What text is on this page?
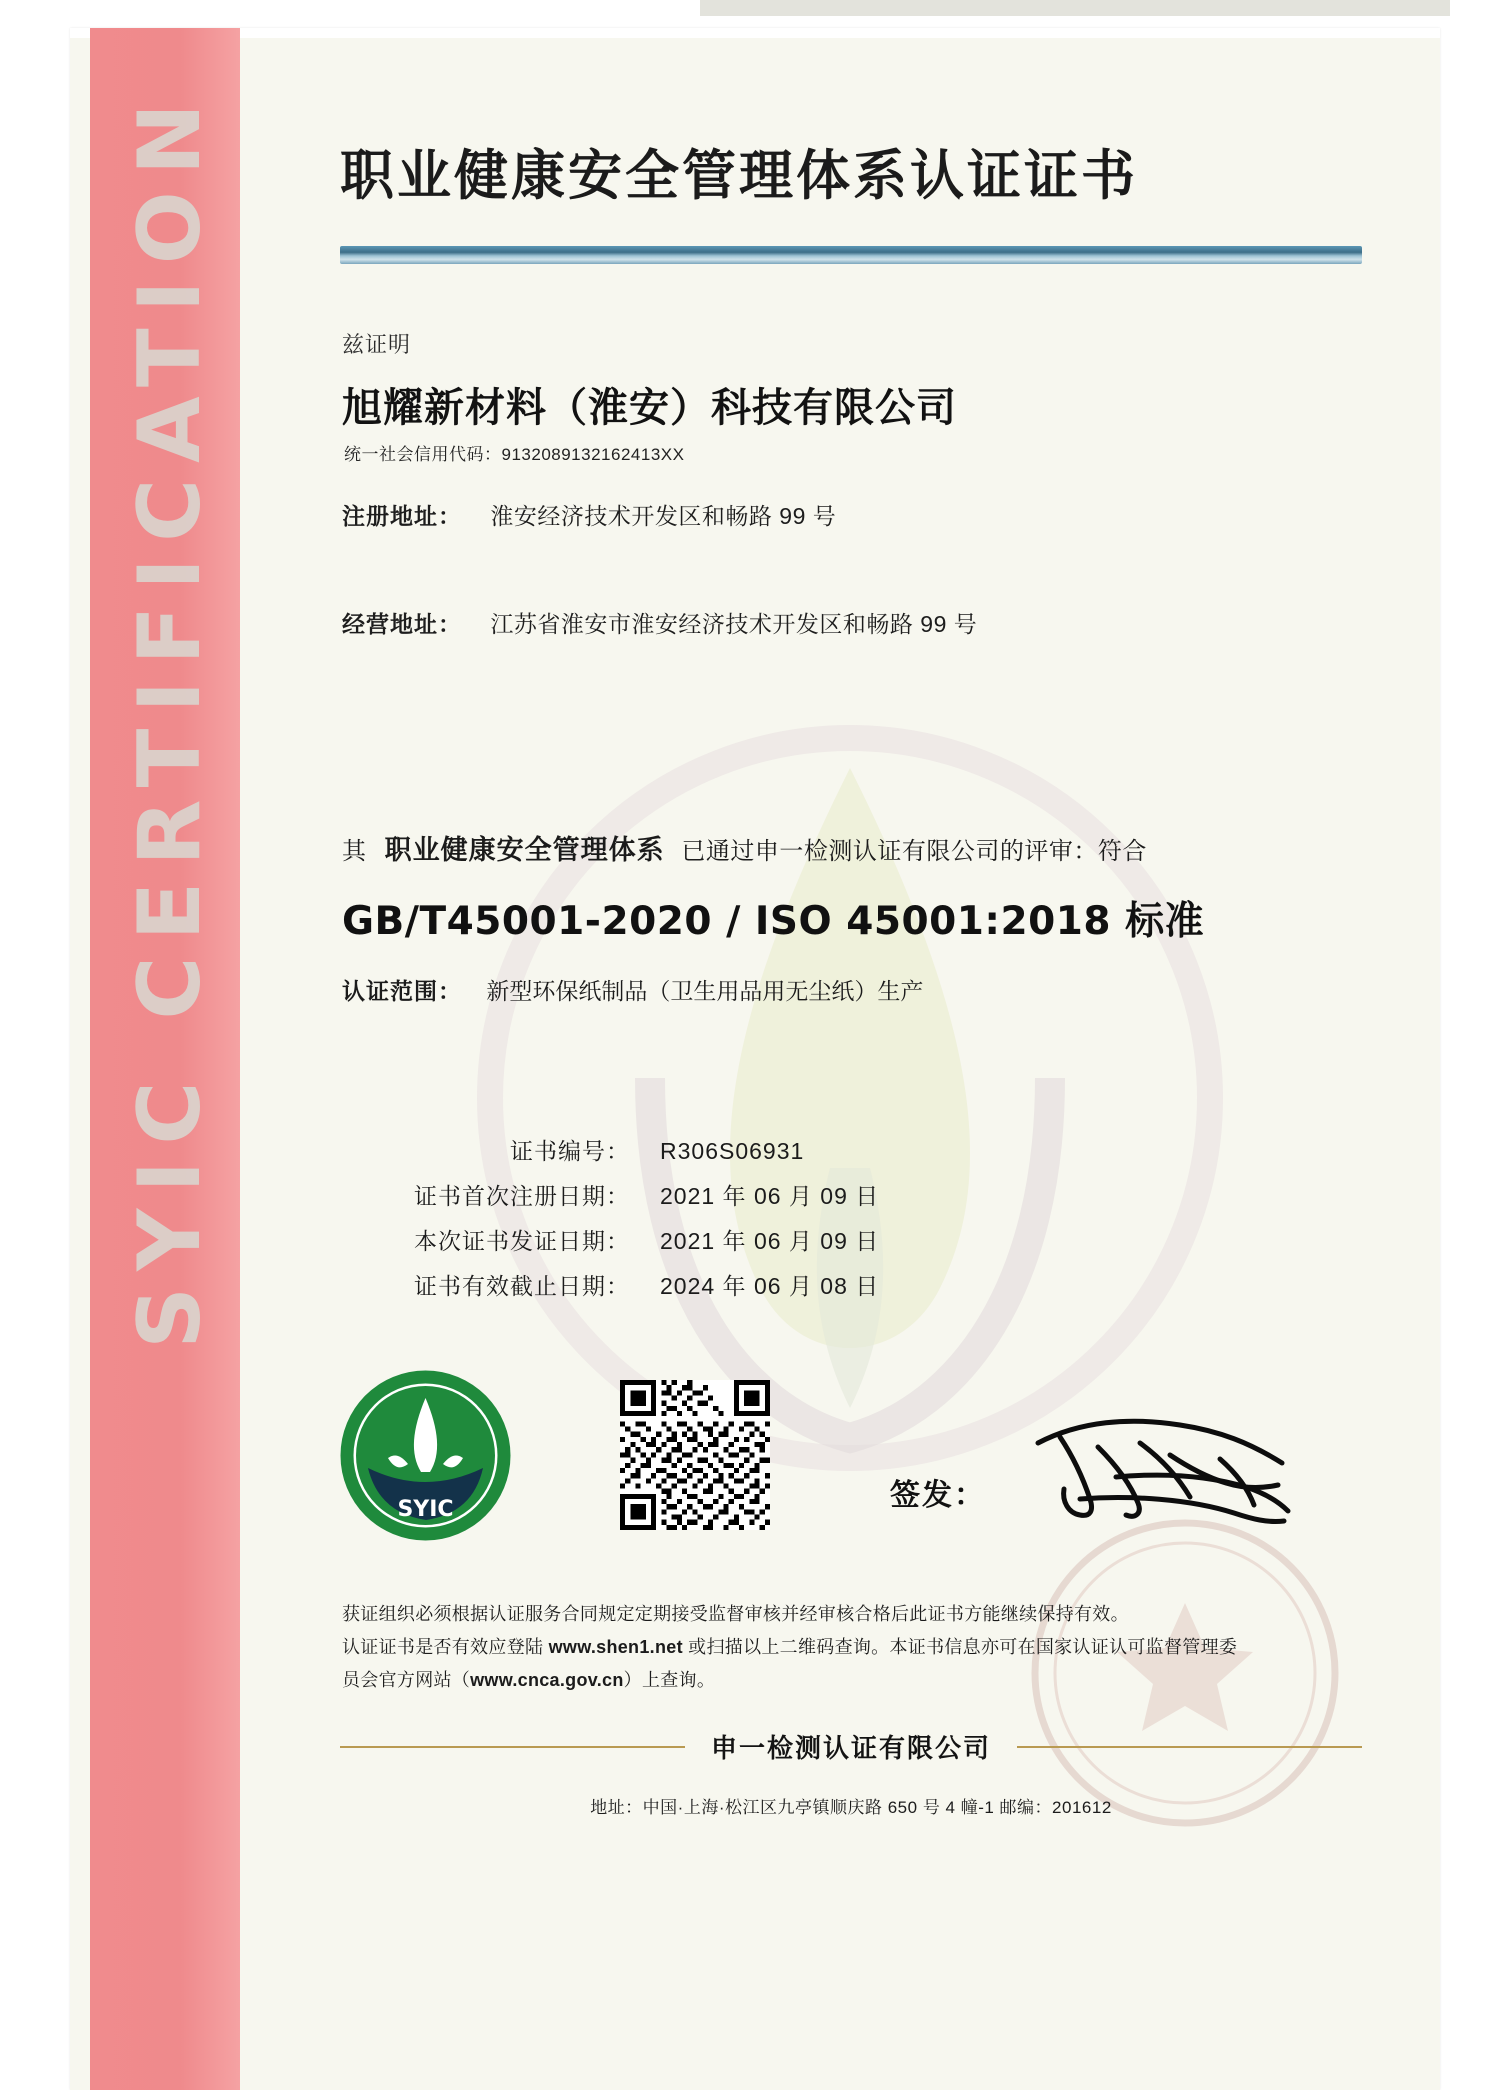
SYIC CERTIFICATION 职业健康安全管理体系认证证书
兹证明
旭耀新材料（淮安）科技有限公司
统一社会信用代码：9132089132162413XX
注册地址： 淮安经济技术开发区和畅路 99 号
经营地址： 江苏省淮安市淮安经济技术开发区和畅路 99 号
其 职业健康安全管理体系 已通过申一检测认证有限公司的评审：符合
GB/T45001-2020 / ISO 45001:2018 标准
认证范围： 新型环保纸制品（卫生用品用无尘纸）生产
证书编号： R306S06931
证书首次注册日期： 2021 年 06 月 09 日
本次证书发证日期： 2021 年 06 月 09 日
证书有效截止日期： 2024 年 06 月 08 日
SYIC	签发：
获证组织必须根据认证服务合同规定定期接受监督审核并经审核合格后此证书方能继续保持有效。
认证证书是否有效应登陆 www.shen1.net 或扫描以上二维码查询。本证书信息亦可在国家认证认可监督管理委
员会官方网站（www.cnca.gov.cn）上查询。
申一检测认证有限公司
地址：中国·上海·松江区九亭镇顺庆路 650 号 4 幢-1 邮编：201612
